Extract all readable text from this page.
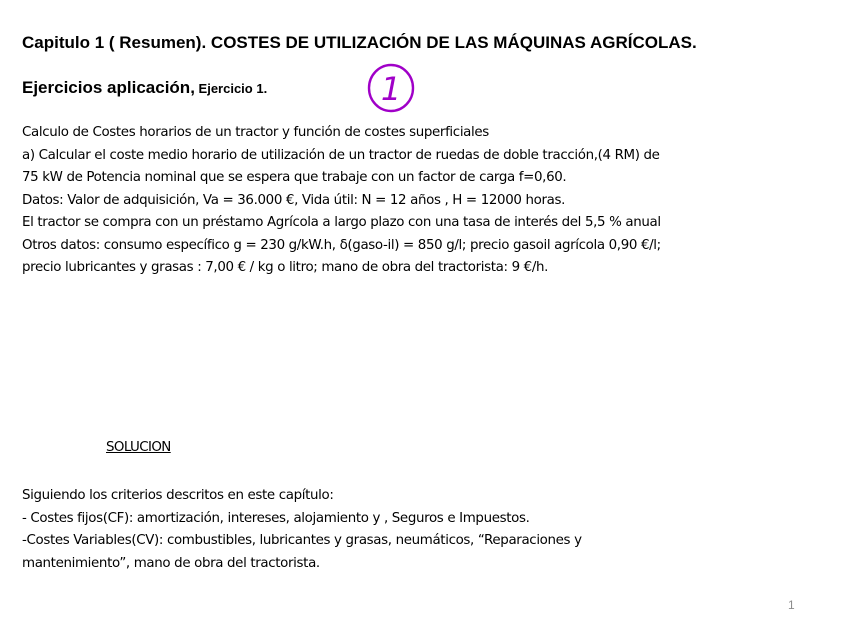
Capitulo 1 ( Resumen). COSTES DE UTILIZACIÓN DE LAS MÁQUINAS AGRÍCOLAS.
Ejercicios aplicación, Ejercicio 1.	1
Calculo de Costes horarios de un tractor y función de costes superficiales
a) Calcular el coste medio horario de utilización de un tractor de ruedas de doble tracción,(4 RM) de
75 kW de Potencia nominal que se espera que trabaje con un factor de carga f=0,60.
Datos: Valor de adquisición, Va = 36.000 €, Vida útil: N = 12 años , H = 12000 horas.
El tractor se compra con un préstamo Agrícola a largo plazo con una tasa de interés del 5,5 % anual
Otros datos: consumo específico g = 230 g/kW.h, δ(gaso-il) = 850 g/l; precio gasoil agrícola 0,90 €/l;
precio lubricantes y grasas : 7,00 € / kg o litro; mano de obra del tractorista: 9 €/h.
SOLUCION
Siguiendo los criterios descritos en este capítulo:
- Costes fijos(CF): amortización, intereses, alojamiento y , Seguros e Impuestos.
-Costes Variables(CV): combustibles, lubricantes y grasas, neumáticos, “Reparaciones y
mantenimiento”, mano de obra del tractorista.
1
